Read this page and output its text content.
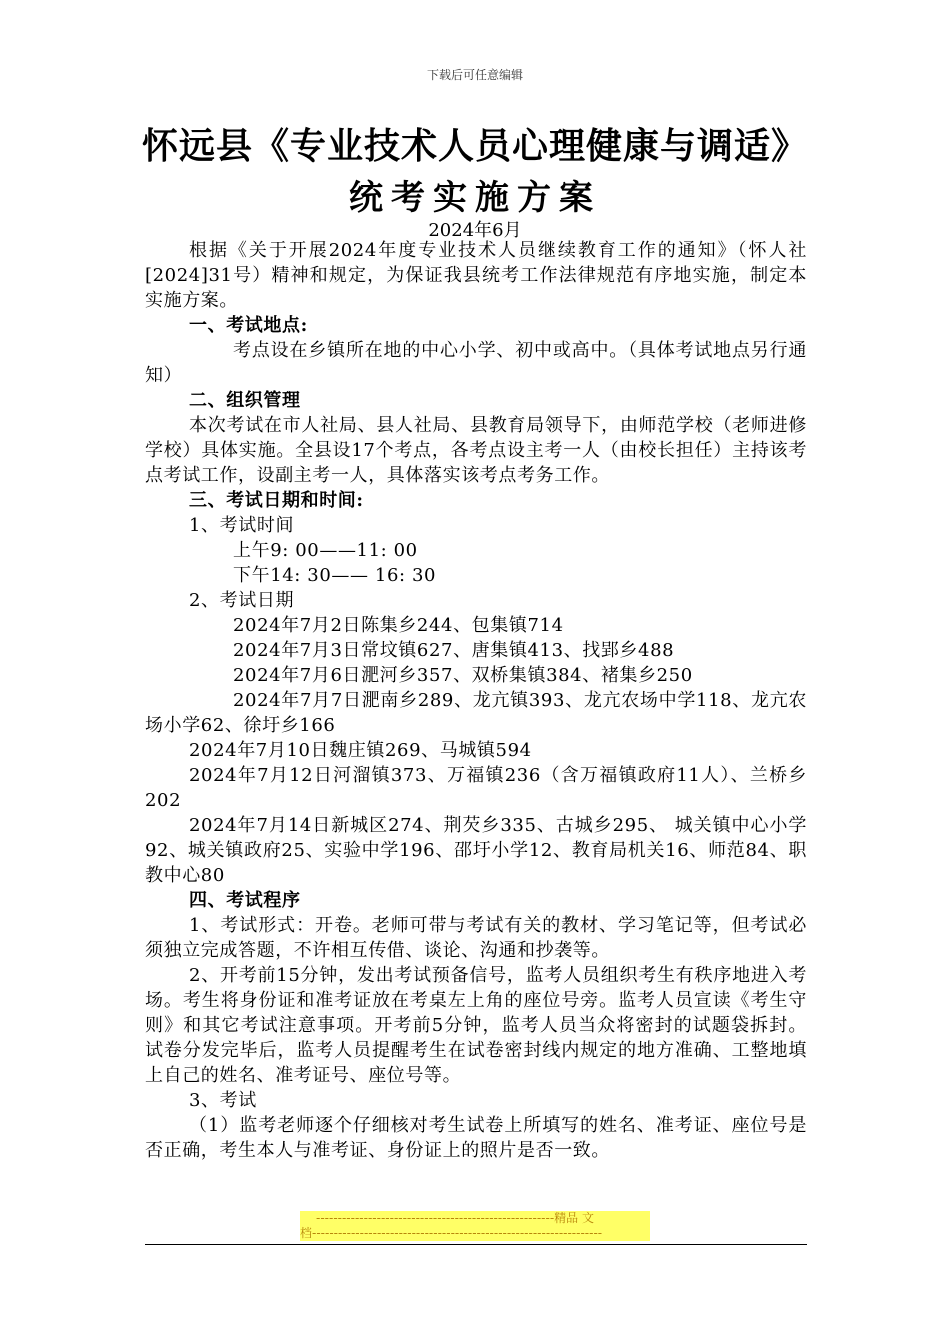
下载后可任意编辑
怀远县《专业技术人员心理健康与调适》
统考实施方案
2024年6月

根据《关于开展2024年度专业技术人员继续教育工作的通知》（怀人社[2024]31号）精神和规定，为保证我县统考工作法律规范有序地实施，制定本实施方案。

一、考试地点:

考点设在乡镇所在地的中心小学、初中或高中。（具体考试地点另行通知）

二、组织管理

本次考试在市人社局、县人社局、县教育局领导下，由师范学校（老师进修学校）具体实施。全县设17个考点，各考点设主考一人（由校长担任）主持该考点考试工作，设副主考一人，具体落实该考点考务工作。

三、考试日期和时间:

1、考试时间

上午9: 00——11: 00

下午14: 30—— 16: 30

2、考试日期

2024年7月2日陈集乡244、包集镇714

2024年7月3日常坟镇627、唐集镇413、找郢乡488

2024年7月6日淝河乡357、双桥集镇384、褚集乡250

2024年7月7日淝南乡289、龙亢镇393、龙亢农场中学118、龙亢农场小学62、徐圩乡166

2024年7月10日魏庄镇269、马城镇594

2024年7月12日河溜镇373、万福镇236（含万福镇政府11人）、兰桥乡202

2024年7月14日新城区274、荆芡乡335、古城乡295、 城关镇中心小学92、城关镇政府25、实验中学196、邵圩小学12、教育局机关16、师范84、职教中心80

四、考试程序

1、考试形式：开卷。老师可带与考试有关的教材、学习笔记等，但考试必须独立完成答题，不许相互传借、谈论、沟通和抄袭等。

2、开考前15分钟，发出考试预备信号，监考人员组织考生有秩序地进入考场。考生将身份证和准考证放在考桌左上角的座位号旁。监考人员宣读《考生守则》和其它考试注意事项。开考前5分钟，监考人员当众将密封的试题袋拆封。试卷分发完毕后，监考人员提醒考生在试卷密封线内规定的地方准确、工整地填上自己的姓名、准考证号、座位号等。

3、考试

（1）监考老师逐个仔细核对考生试卷上所填写的姓名、准考证、座位号是否正确，考生本人与准考证、身份证上的照片是否一致。

-------------------------------------------------------精品 文
档-------------------------------------------------------------------
